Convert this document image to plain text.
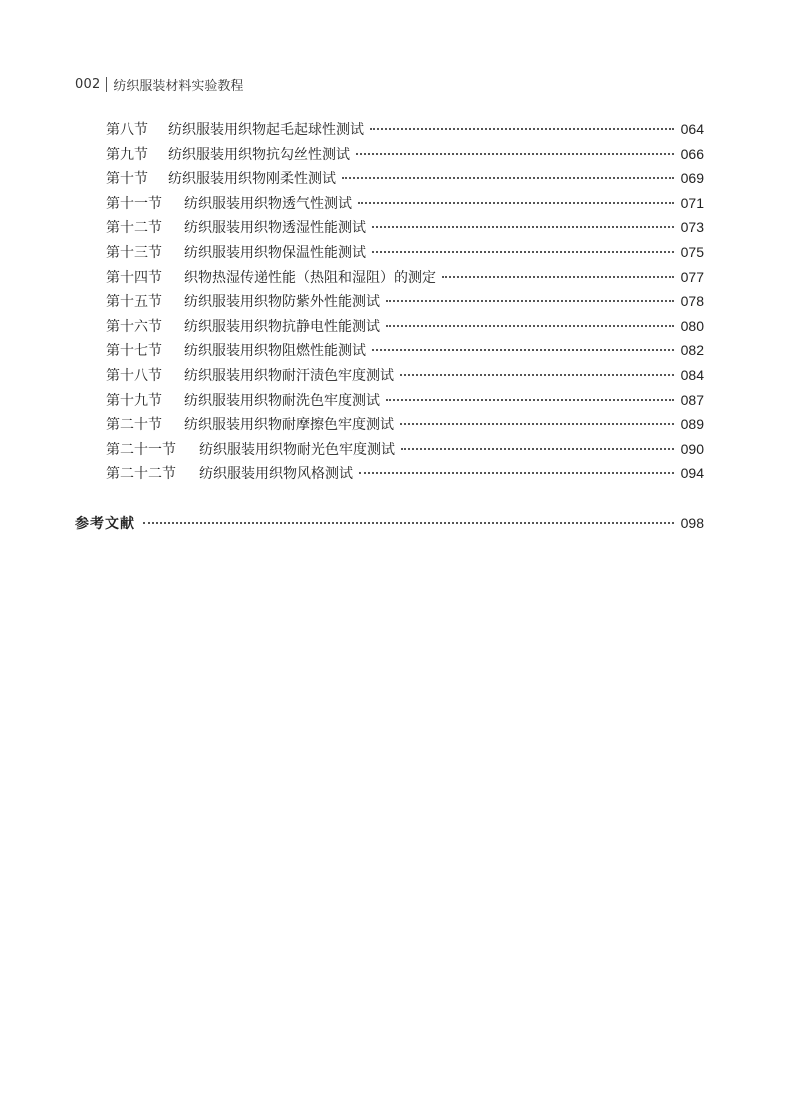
002 纺织服装材料实验教程
第八节	纺织服装用织物起毛起球性测试	064
第九节	纺织服装用织物抗勾丝性测试	066
第十节	纺织服装用织物刚柔性测试	069
第十一节	纺织服装用织物透气性测试	071
第十二节	纺织服装用织物透湿性能测试	073
第十三节	纺织服装用织物保温性能测试	075
第十四节	织物热湿传递性能（热阻和湿阻）的测定	077
第十五节	纺织服装用织物防紫外性能测试	078
第十六节	纺织服装用织物抗静电性能测试	080
第十七节	纺织服装用织物阻燃性能测试	082
第十八节	纺织服装用织物耐汗渍色牢度测试	084
第十九节	纺织服装用织物耐洗色牢度测试	087
第二十节	纺织服装用织物耐摩擦色牢度测试	089
第二十一节	纺织服装用织物耐光色牢度测试	090
第二十二节	纺织服装用织物风格测试	094
参考文献	098
